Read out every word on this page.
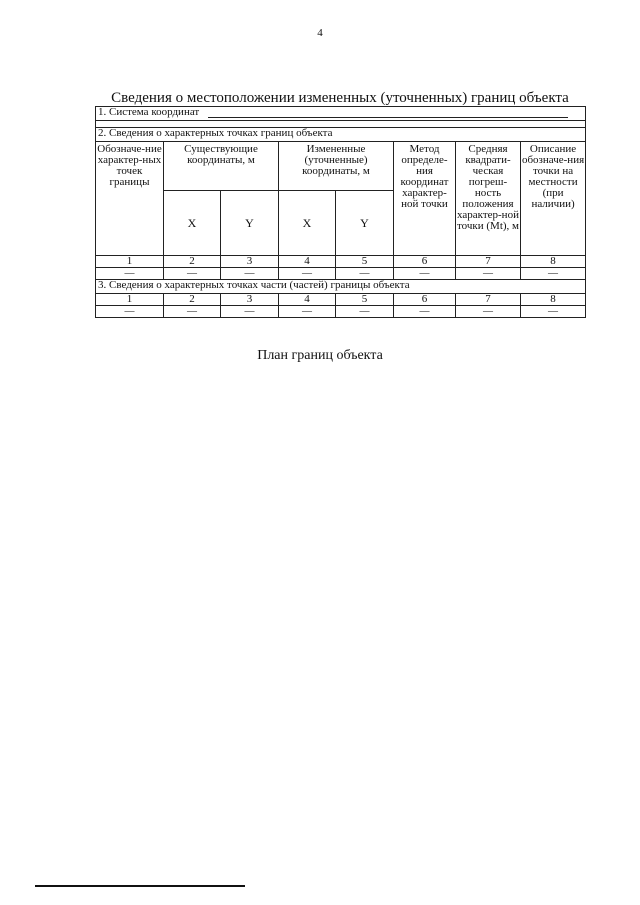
4
Сведения о местоположении измененных (уточненных) границ объекта
1. Система координат							

2. Сведения о характерных точках границ объекта							
Обозначе-ние характер-ных точек границы	Существующие координаты, м		Измененные (уточненные) координаты, м		Метод определе-ния координат характер-ной точки	Средняя квадрати-ческая погреш-ность положения характер-ной точки (Mt), м	Описание обозначе-ния точки на местности (при наличии)
	X	Y	X	Y			
1	2	3	4	5	6	7	8
—	—	—	—	—	—	—	—
3. Сведения о характерных точках части (частей) границы объекта							
1	2	3	4	5	6	7	8
—	—	—	—	—	—	—	—
План границ объекта
